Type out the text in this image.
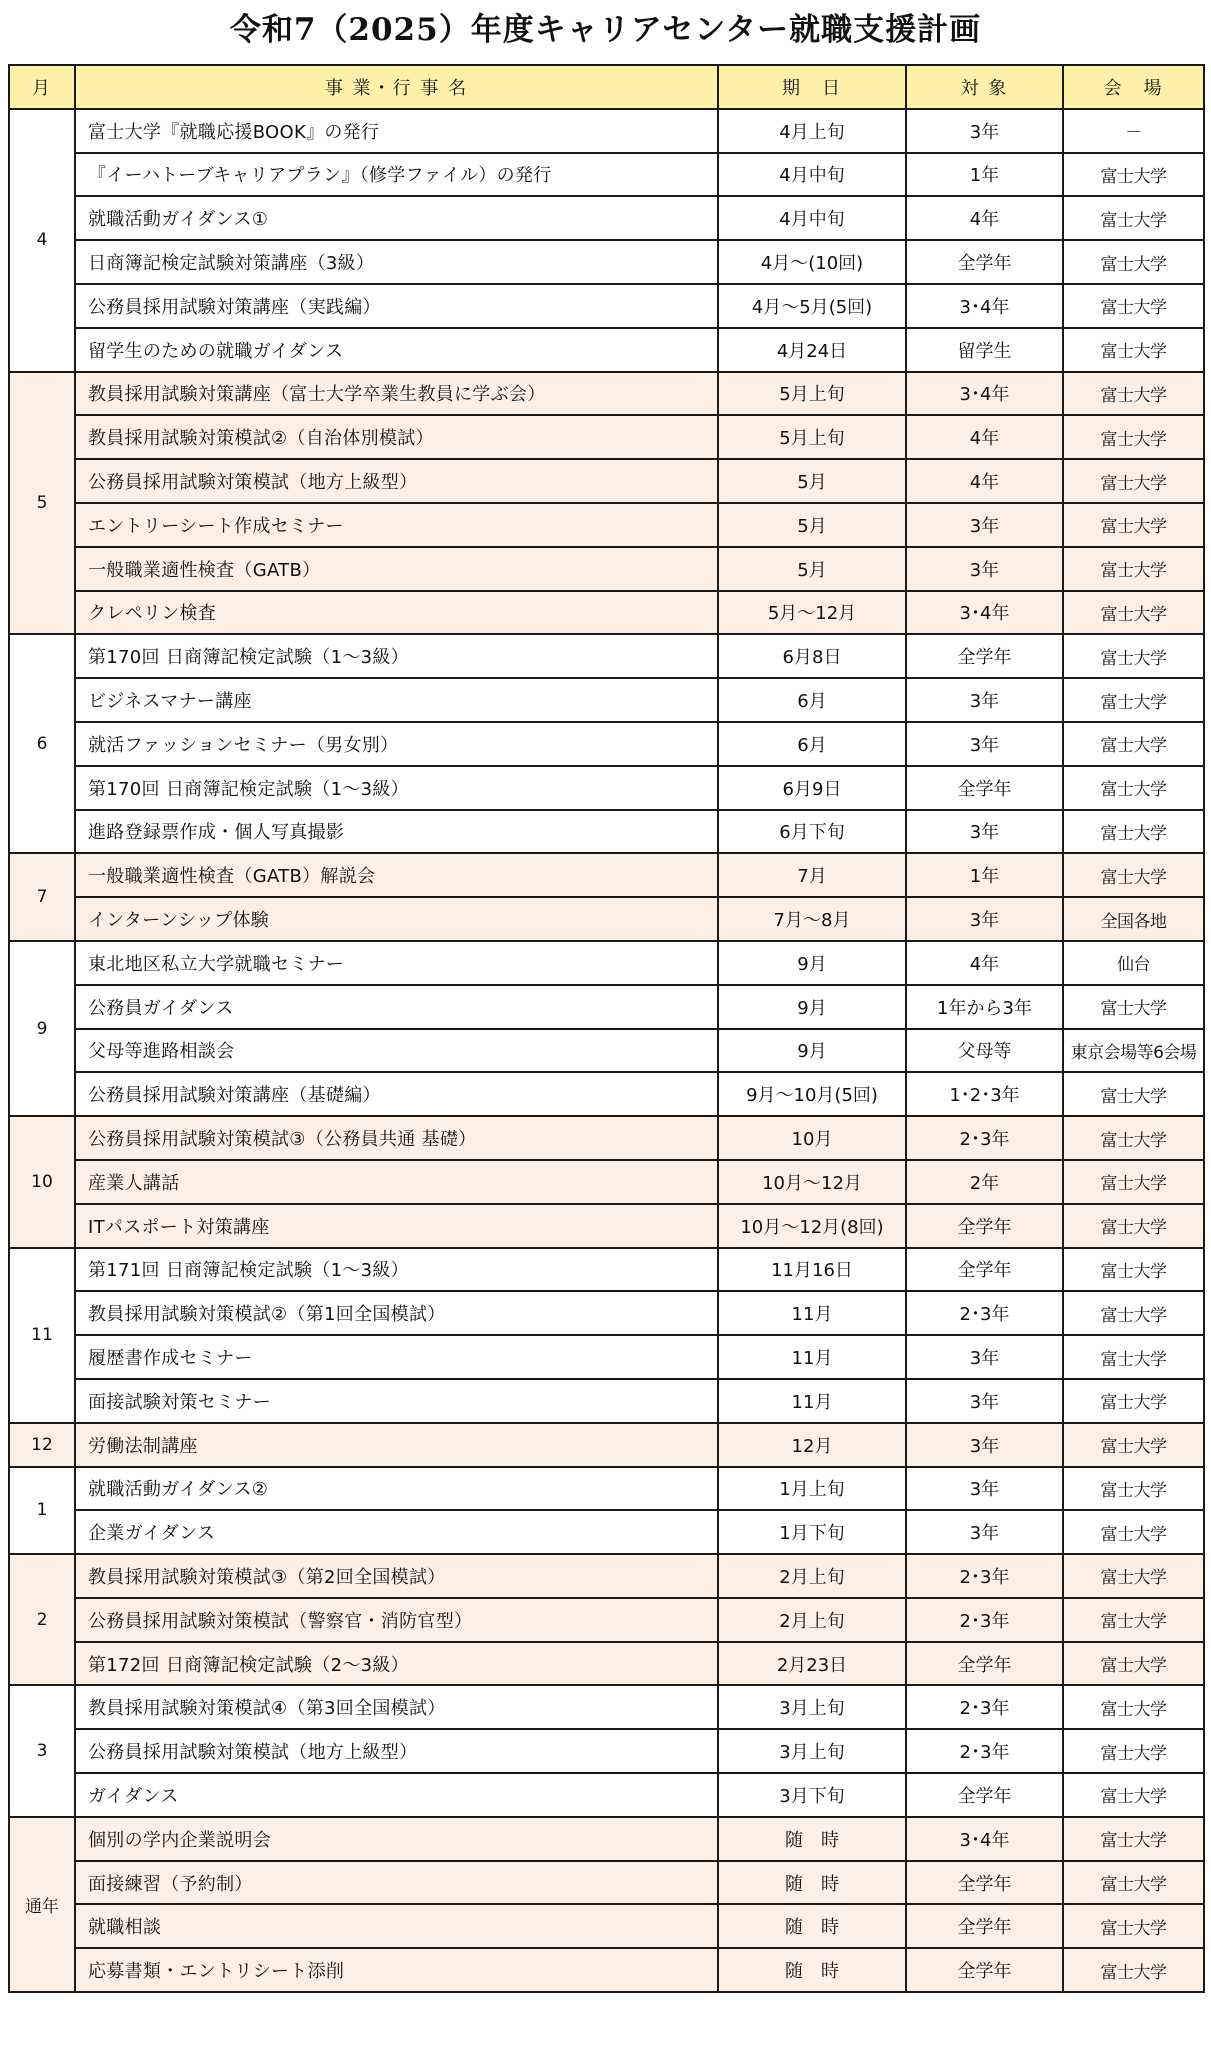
令和7（2025）年度キャリアセンター就職支援計画
月	事 業・行 事 名	期　日	対 象	会　場
4	富士大学『就職応援BOOK』の発行	4月上旬	3年	－
	『イーハトーブキャリアプラン』（修学ファイル）の発行	4月中旬	1年	富士大学
	就職活動ガイダンス①	4月中旬	4年	富士大学
	日商簿記検定試験対策講座（3級）	4月～(10回)	全学年	富士大学
	公務員採用試験対策講座（実践編）	4月～5月(5回)	3･4年	富士大学
	留学生のための就職ガイダンス	4月24日	留学生	富士大学
5	教員採用試験対策講座（富士大学卒業生教員に学ぶ会）	5月上旬	3･4年	富士大学
	教員採用試験対策模試②（自治体別模試）	5月上旬	4年	富士大学
	公務員採用試験対策模試（地方上級型）	5月	4年	富士大学
	エントリーシート作成セミナー	5月	3年	富士大学
	一般職業適性検査（GATB）	5月	3年	富士大学
	クレペリン検査	5月～12月	3･4年	富士大学
6	第170回 日商簿記検定試験（1～3級）	6月8日	全学年	富士大学
	ビジネスマナー講座	6月	3年	富士大学
	就活ファッションセミナー（男女別）	6月	3年	富士大学
	第170回 日商簿記検定試験（1～3級）	6月9日	全学年	富士大学
	進路登録票作成・個人写真撮影	6月下旬	3年	富士大学
7	一般職業適性検査（GATB）解説会	7月	1年	富士大学
	インターンシップ体験	7月～8月	3年	全国各地
9	東北地区私立大学就職セミナー	9月	4年	仙台
	公務員ガイダンス	9月	1年から3年	富士大学
	父母等進路相談会	9月	父母等	東京会場等6会場
	公務員採用試験対策講座（基礎編）	9月～10月(5回)	1･2･3年	富士大学
10	公務員採用試験対策模試③（公務員共通 基礎）	10月	2･3年	富士大学
	産業人講話	10月～12月	2年	富士大学
	ITパスポート対策講座	10月～12月(8回)	全学年	富士大学
11	第171回 日商簿記検定試験（1～3級）	11月16日	全学年	富士大学
	教員採用試験対策模試②（第1回全国模試）	11月	2･3年	富士大学
	履歴書作成セミナー	11月	3年	富士大学
	面接試験対策セミナー	11月	3年	富士大学
12	労働法制講座	12月	3年	富士大学
1	就職活動ガイダンス②	1月上旬	3年	富士大学
	企業ガイダンス	1月下旬	3年	富士大学
2	教員採用試験対策模試③（第2回全国模試）	2月上旬	2･3年	富士大学
	公務員採用試験対策模試（警察官・消防官型）	2月上旬	2･3年	富士大学
	第172回 日商簿記検定試験（2～3級）	2月23日	全学年	富士大学
3	教員採用試験対策模試④（第3回全国模試）	3月上旬	2･3年	富士大学
	公務員採用試験対策模試（地方上級型）	3月上旬	2･3年	富士大学
	ガイダンス	3月下旬	全学年	富士大学
通年	個別の学内企業説明会	随　時	3･4年	富士大学
	面接練習（予約制）	随　時	全学年	富士大学
	就職相談	随　時	全学年	富士大学
	応募書類・エントリシート添削	随　時	全学年	富士大学
